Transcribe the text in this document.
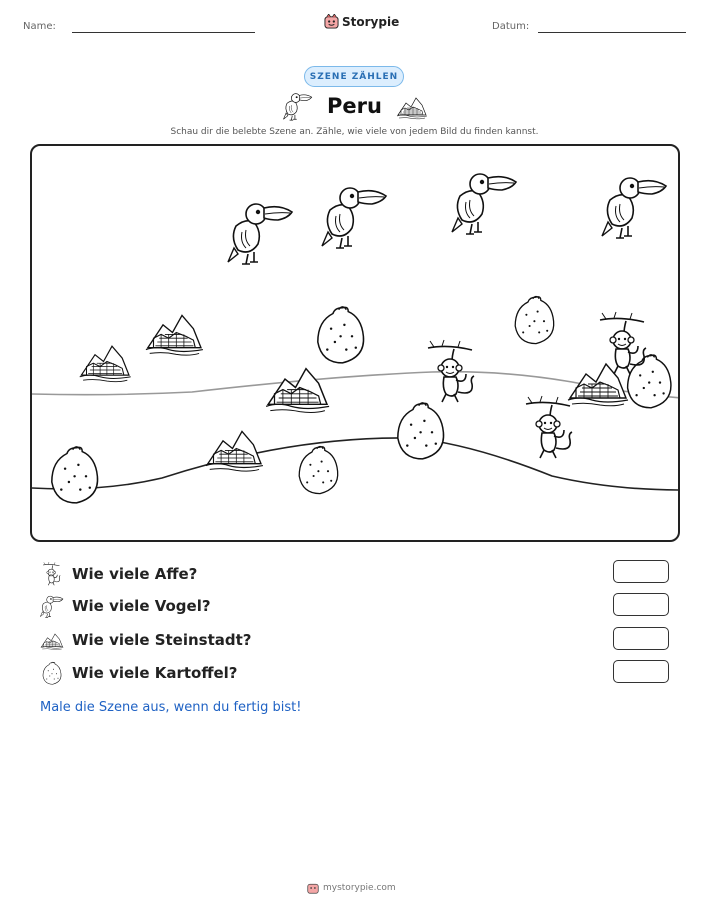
Name:	Storypie	Datum:
SZENE ZÄHLEN
Peru
Schau dir die belebte Szene an. Zähle, wie viele von jedem Bild du finden kannst.
Wie viele Affe?
Wie viele Vogel?
Wie viele Steinstadt?
Wie viele Kartoffel?
Male die Szene aus, wenn du fertig bist!
mystorypie.com
